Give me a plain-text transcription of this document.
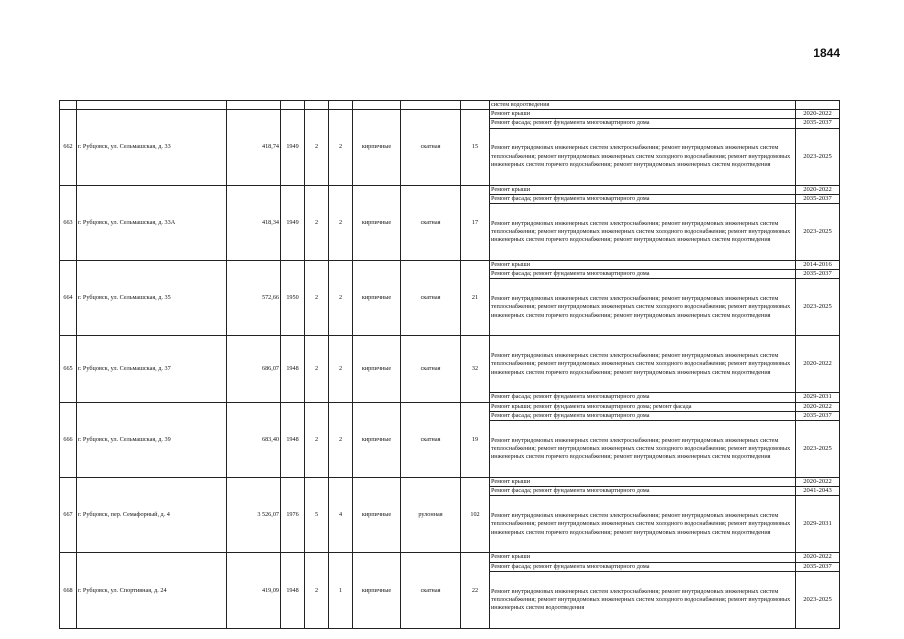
1844
									систем водоотведения	
662	г. Рубцовск, ул. Сельмашская, д. 33	418,74	1949	2	2	кирпичные	скатная	15	Ремонт крыши	2020-2022
									Ремонт фасада; ремонт фундамента многоквартирного дома	2035-2037
									Ремонт внутридомовых инженерных систем электроснабжения; ремонт внутридомовых инженерных систем теплоснабжения; ремонт внутридомовых инженерных систем холодного водоснабжения; ремонт внутридомовых инженерных систем горячего водоснабжения; ремонт внутридомовых инженерных систем водоотведения	2023-2025
663	г. Рубцовск, ул. Сельмашская, д. 33А	418,34	1949	2	2	кирпичные	скатная	17	Ремонт крыши	2020-2022
									Ремонт фасада; ремонт фундамента многоквартирного дома	2035-2037
									Ремонт внутридомовых инженерных систем электроснабжения; ремонт внутридомовых инженерных систем теплоснабжения; ремонт внутридомовых инженерных систем холодного водоснабжения; ремонт внутридомовых инженерных систем горячего водоснабжения; ремонт внутридомовых инженерных систем водоотведения	2023-2025
664	г. Рубцовск, ул. Сельмашская, д. 35	572,66	1950	2	2	кирпичные	скатная	21	Ремонт крыши	2014-2016
									Ремонт фасада; ремонт фундамента многоквартирного дома	2035-2037
									Ремонт внутридомовых инженерных систем электроснабжения; ремонт внутридомовых инженерных систем теплоснабжения; ремонт внутридомовых инженерных систем холодного водоснабжения; ремонт внутридомовых инженерных систем горячего водоснабжения; ремонт внутридомовых инженерных систем водоотведения	2023-2025
665	г. Рубцовск, ул. Сельмашская, д. 37	686,07	1948	2	2	кирпичные	скатная	32	Ремонт внутридомовых инженерных систем электроснабжения; ремонт внутридомовых инженерных систем теплоснабжения; ремонт внутридомовых инженерных систем холодного водоснабжения; ремонт внутридомовых инженерных систем горячего водоснабжения; ремонт внутридомовых инженерных систем водоотведения	2020-2022
									Ремонт фасада; ремонт фундамента многоквартирного дома	2029-2031
666	г. Рубцовск, ул. Сельмашская, д. 39	683,40	1948	2	2	кирпичные	скатная	19	Ремонт крыши; ремонт фундамента многоквартирного дома; ремонт фасада	2020-2022
									Ремонт фасада; ремонт фундамента многоквартирного дома	2035-2037
									Ремонт внутридомовых инженерных систем электроснабжения; ремонт внутридомовых инженерных систем теплоснабжения; ремонт внутридомовых инженерных систем холодного водоснабжения; ремонт внутридомовых инженерных систем горячего водоснабжения; ремонт внутридомовых инженерных систем водоотведения	2023-2025
667	г. Рубцовск, пер. Семафорный, д. 4	3 526,07	1976	5	4	кирпичные	рулонная	102	Ремонт крыши	2020-2022
									Ремонт фасада; ремонт фундамента многоквартирного дома	2041-2043
									Ремонт внутридомовых инженерных систем электроснабжения; ремонт внутридомовых инженерных систем теплоснабжения; ремонт внутридомовых инженерных систем холодного водоснабжения; ремонт внутридомовых инженерных систем горячего водоснабжения; ремонт внутридомовых инженерных систем водоотведения	2029-2031
668	г. Рубцовск, ул. Спортивная, д. 24	419,09	1948	2	1	кирпичные	скатная	22	Ремонт крыши	2020-2022
									Ремонт фасада; ремонт фундамента многоквартирного дома	2035-2037
									Ремонт внутридомовых инженерных систем электроснабжения; ремонт внутридомовых инженерных систем теплоснабжения; ремонт внутридомовых инженерных систем холодного водоснабжения; ремонт внутридомовых инженерных систем водоотведения	2023-2025
